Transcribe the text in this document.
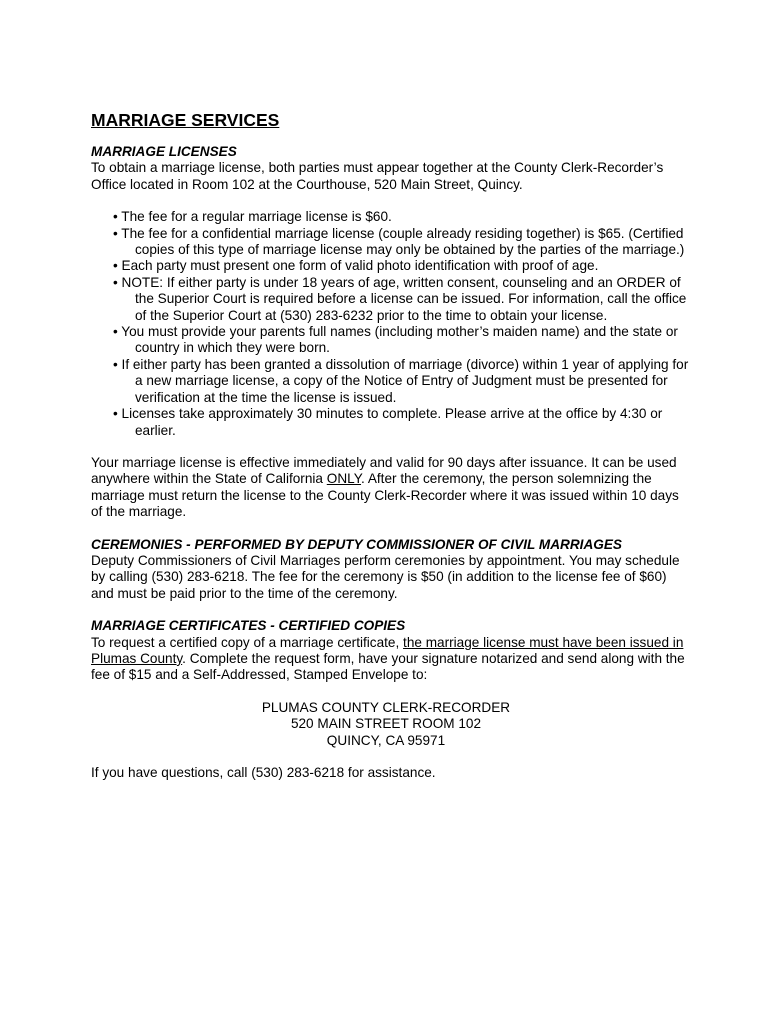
MARRIAGE SERVICES

MARRIAGE LICENSES

To obtain a marriage license, both parties must appear together at the County Clerk-Recorder’s Office located in Room 102 at the Courthouse, 520 Main Street, Quincy.

• The fee for a regular marriage license is $60.
• The fee for a confidential marriage license (couple already residing together) is $65. (Certified copies of this type of marriage license may only be obtained by the parties of the marriage.)
• Each party must present one form of valid photo identification with proof of age.
• NOTE: If either party is under 18 years of age, written consent, counseling and an ORDER of the Superior Court is required before a license can be issued. For information, call the office of the Superior Court at (530) 283-6232 prior to the time to obtain your license.
• You must provide your parents full names (including mother’s maiden name) and the state or country in which they were born.
• If either party has been granted a dissolution of marriage (divorce) within 1 year of applying for a new marriage license, a copy of the Notice of Entry of Judgment must be presented for verification at the time the license is issued.
• Licenses take approximately 30 minutes to complete. Please arrive at the office by 4:30 or earlier.

Your marriage license is effective immediately and valid for 90 days after issuance. It can be used anywhere within the State of California ONLY. After the ceremony, the person solemnizing the marriage must return the license to the County Clerk-Recorder where it was issued within 10 days of the marriage.

CEREMONIES - PERFORMED BY DEPUTY COMMISSIONER OF CIVIL MARRIAGES

Deputy Commissioners of Civil Marriages perform ceremonies by appointment. You may schedule by calling (530) 283-6218. The fee for the ceremony is $50 (in addition to the license fee of $60) and must be paid prior to the time of the ceremony.

MARRIAGE CERTIFICATES - CERTIFIED COPIES

To request a certified copy of a marriage certificate, the marriage license must have been issued in Plumas County. Complete the request form, have your signature notarized and send along with the fee of $15 and a Self-Addressed, Stamped Envelope to:

PLUMAS COUNTY CLERK-RECORDER
520 MAIN STREET ROOM 102
QUINCY, CA 95971

If you have questions, call (530) 283-6218 for assistance.
